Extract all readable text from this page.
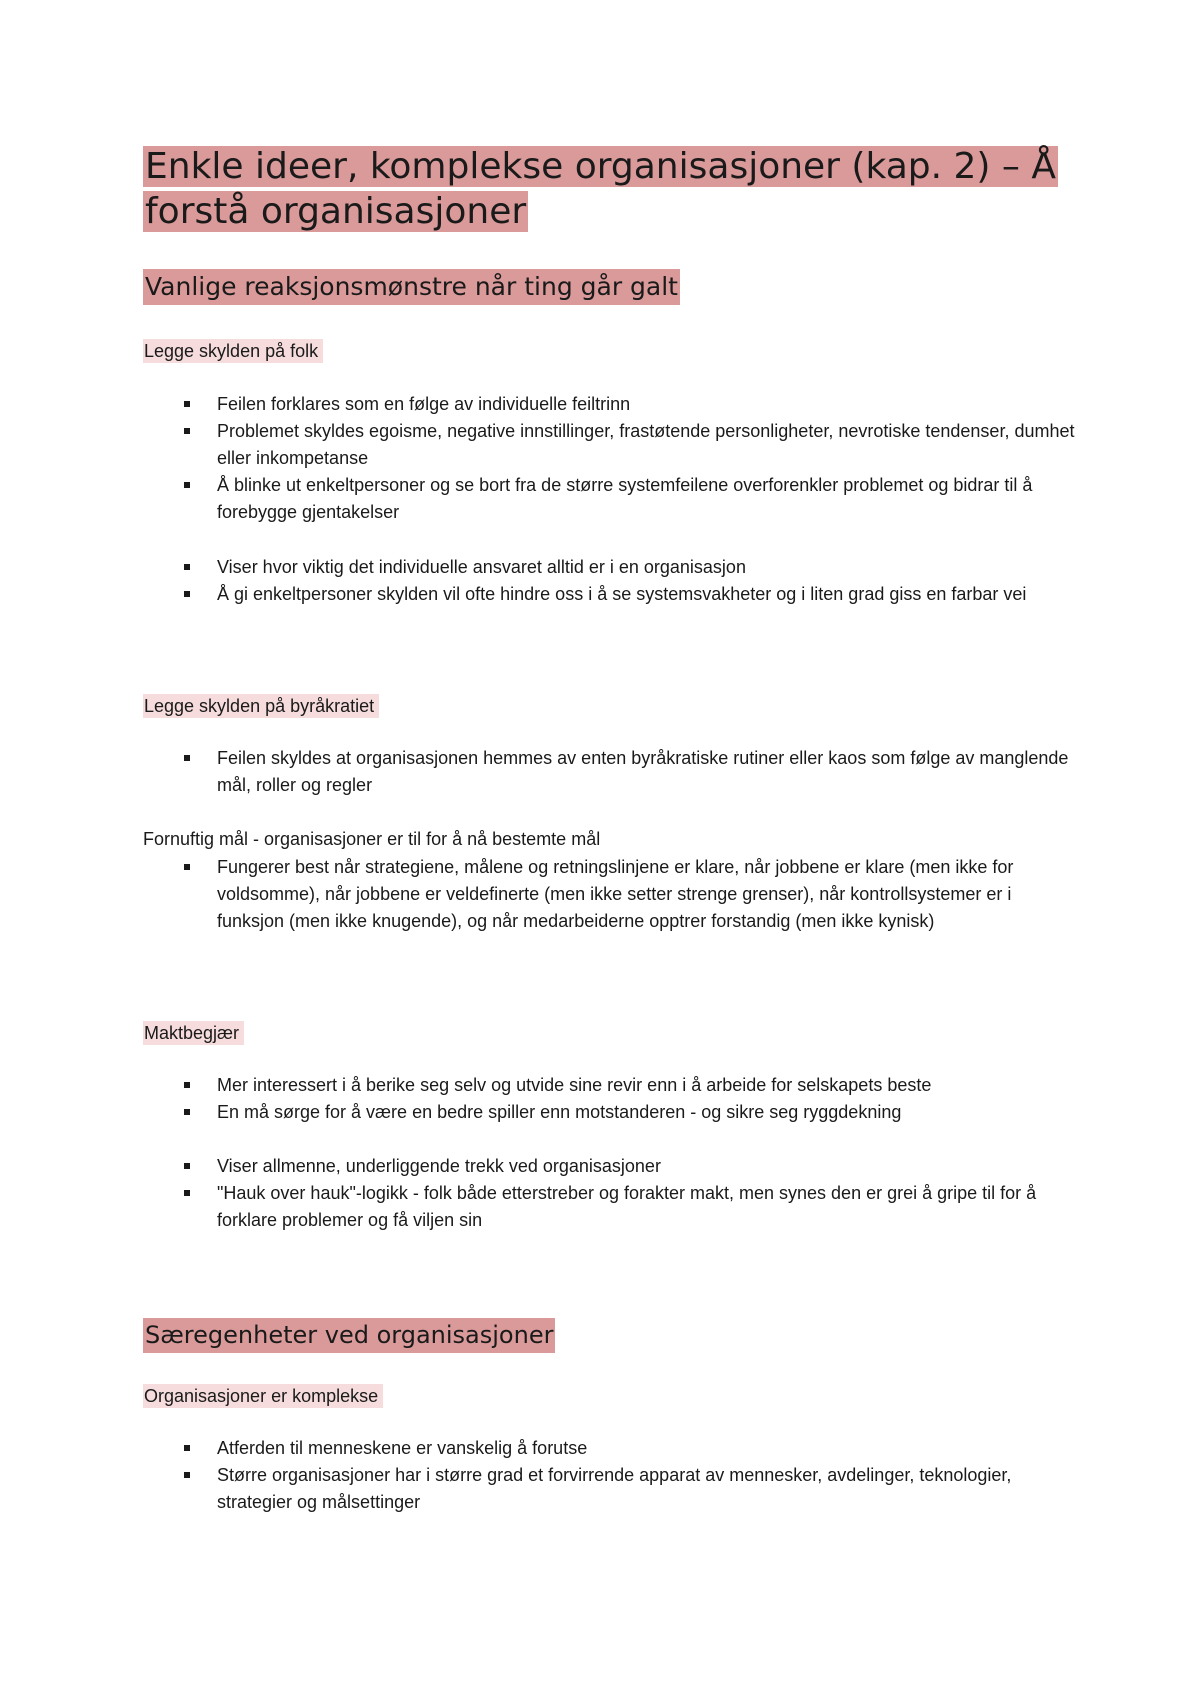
Enkle ideer, komplekse organisasjoner (kap. 2) – Å forstå organisasjoner
Vanlige reaksjonsmønstre når ting går galt
Legge skylden på folk
Feilen forklares som en følge av individuelle feiltrinn
Problemet skyldes egoisme, negative innstillinger, frastøtende personligheter, nevrotiske tendenser, dumhet eller inkompetanse
Å blinke ut enkeltpersoner og se bort fra de større systemfeilene overforenkler problemet og bidrar til å forebygge gjentakelser
Viser hvor viktig det individuelle ansvaret alltid er i en organisasjon
Å gi enkeltpersoner skylden vil ofte hindre oss i å se systemsvakheter og i liten grad giss en farbar vei
Legge skylden på byråkratiet
Feilen skyldes at organisasjonen hemmes av enten byråkratiske rutiner eller kaos som følge av manglende mål, roller og regler

Fornuftig mål - organisasjoner er til for å nå bestemte mål

Fungerer best når strategiene, målene og retningslinjene er klare, når jobbene er klare (men ikke for voldsomme), når jobbene er veldefinerte (men ikke setter strenge grenser), når kontrollsystemer er i funksjon (men ikke knugende), og når medarbeiderne opptrer forstandig (men ikke kynisk)
Maktbegjær
Mer interessert i å berike seg selv og utvide sine revir enn i å arbeide for selskapets beste
En må sørge for å være en bedre spiller enn motstanderen - og sikre seg ryggdekning
Viser allmenne, underliggende trekk ved organisasjoner
"Hauk over hauk"-logikk - folk både etterstreber og forakter makt, men synes den er grei å gripe til for å forklare problemer og få viljen sin
Særegenheter ved organisasjoner
Organisasjoner er komplekse
Atferden til menneskene er vanskelig å forutse
Større organisasjoner har i større grad et forvirrende apparat av mennesker, avdelinger, teknologier, strategier og målsettinger
